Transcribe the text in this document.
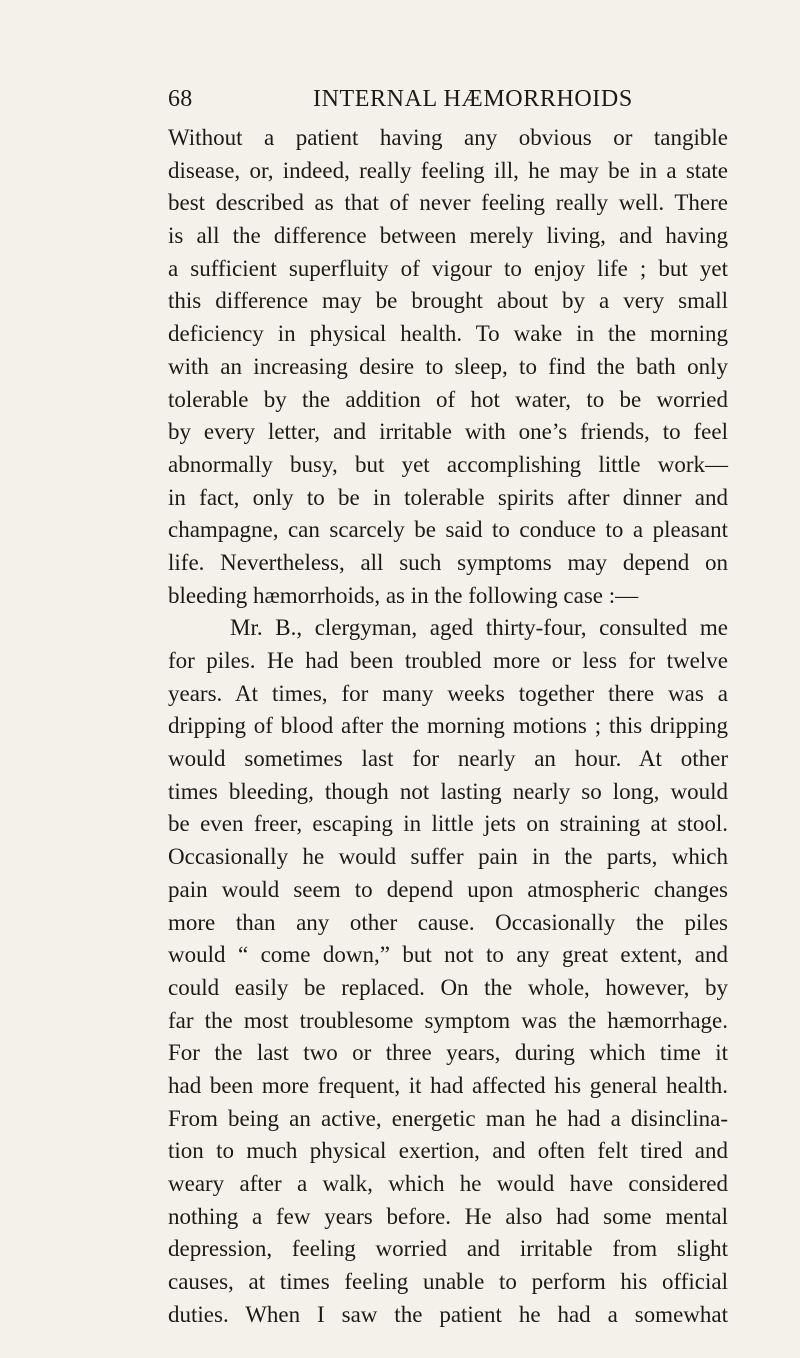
68	INTERNAL HÆMORRHOIDS
Without a patient having any obvious or tangible
disease, or, indeed, really feeling ill, he may be in a state
best described as that of never feeling really well. There
is all the difference between merely living, and having
a sufficient superfluity of vigour to enjoy life ; but yet
this difference may be brought about by a very small
deficiency in physical health. To wake in the morning
with an increasing desire to sleep, to find the bath only
tolerable by the addition of hot water, to be worried
by every letter, and irritable with one’s friends, to feel
abnormally busy, but yet accomplishing little work—
in fact, only to be in tolerable spirits after dinner and
champagne, can scarcely be said to conduce to a pleasant
life. Nevertheless, all such symptoms may depend on
bleeding hæmorrhoids, as in the following case :—
Mr. B., clergyman, aged thirty-four, consulted me
for piles. He had been troubled more or less for twelve
years. At times, for many weeks together there was a
dripping of blood after the morning motions ; this dripping
would sometimes last for nearly an hour. At other
times bleeding, though not lasting nearly so long, would
be even freer, escaping in little jets on straining at stool.
Occasionally he would suffer pain in the parts, which
pain would seem to depend upon atmospheric changes
more than any other cause. Occasionally the piles
would “ come down,” but not to any great extent, and
could easily be replaced. On the whole, however, by
far the most troublesome symptom was the hæmorrhage.
For the last two or three years, during which time it
had been more frequent, it had affected his general health.
From being an active, energetic man he had a disinclina-
tion to much physical exertion, and often felt tired and
weary after a walk, which he would have considered
nothing a few years before. He also had some mental
depression, feeling worried and irritable from slight
causes, at times feeling unable to perform his official
duties. When I saw the patient he had a somewhat
